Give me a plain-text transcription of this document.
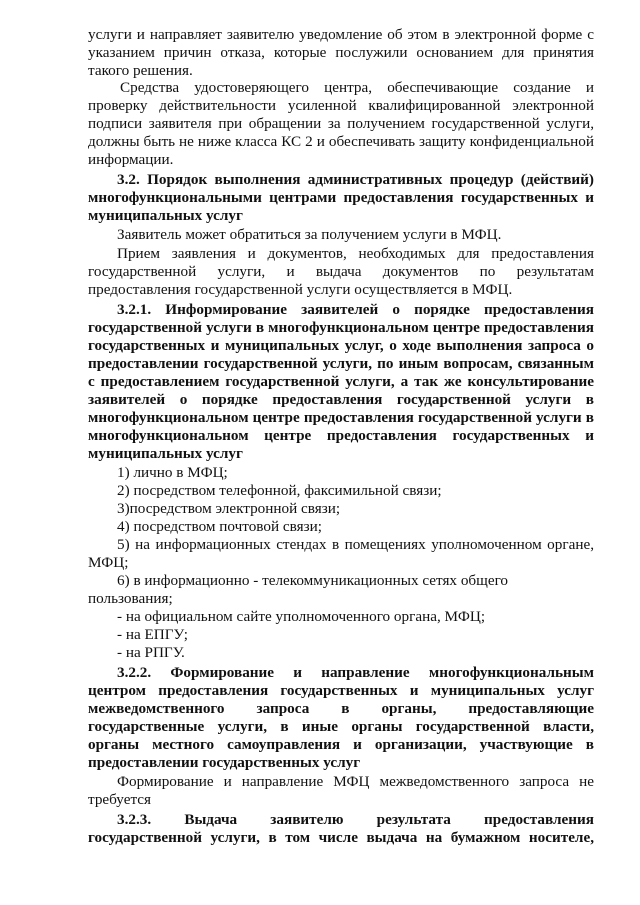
услуги и направляет заявителю уведомление об этом в электронной форме с
указанием причин отказа, которые послужили основанием для принятия
такого решения.
Средства удостоверяющего центра, обеспечивающие создание и
проверку действительности усиленной квалифицированной электронной
подписи заявителя при обращении за получением государственной услуги,
должны быть не ниже класса КС 2 и обеспечивать защиту конфиденциальной
информации.
3.2. Порядок выполнения административных процедур (действий)
многофункциональными центрами предоставления государственных и
муниципальных услуг
Заявитель может обратиться за получением услуги в МФЦ.
Прием заявления и документов, необходимых для предоставления
государственной услуги, и выдача документов по результатам
предоставления государственной услуги осуществляется в МФЦ.
3.2.1. Информирование заявителей о порядке предоставления
государственной услуги в многофункциональном центре предоставления
государственных и муниципальных услуг, о ходе выполнения запроса о
предоставлении государственной услуги, по иным вопросам, связанным
с предоставлением государственной услуги, а так же консультирование
заявителей о порядке предоставления государственной услуги в
многофункциональном центре предоставления государственной услуги в
многофункциональном центре предоставления государственных и
муниципальных услуг
1) лично в МФЦ;
2) посредством телефонной, факсимильной связи;
3)посредством электронной связи;
4) посредством почтовой связи;
5) на информационных стендах в помещениях уполномоченном органе,
МФЦ;
6) в информационно - телекоммуникационных сетях общего
пользования;
- на официальном сайте уполномоченного органа, МФЦ;
- на ЕПГУ;
- на РПГУ.
3.2.2. Формирование и направление многофункциональным
центром предоставления государственных и муниципальных услуг
межведомственного запроса в органы, предоставляющие
государственные услуги, в иные органы государственной власти,
органы местного самоуправления и организации, участвующие в
предоставлении государственных услуг
Формирование и направление МФЦ межведомственного запроса не
требуется
3.2.3. Выдача заявителю результата предоставления
государственной услуги, в том числе выдача на бумажном носителе,
